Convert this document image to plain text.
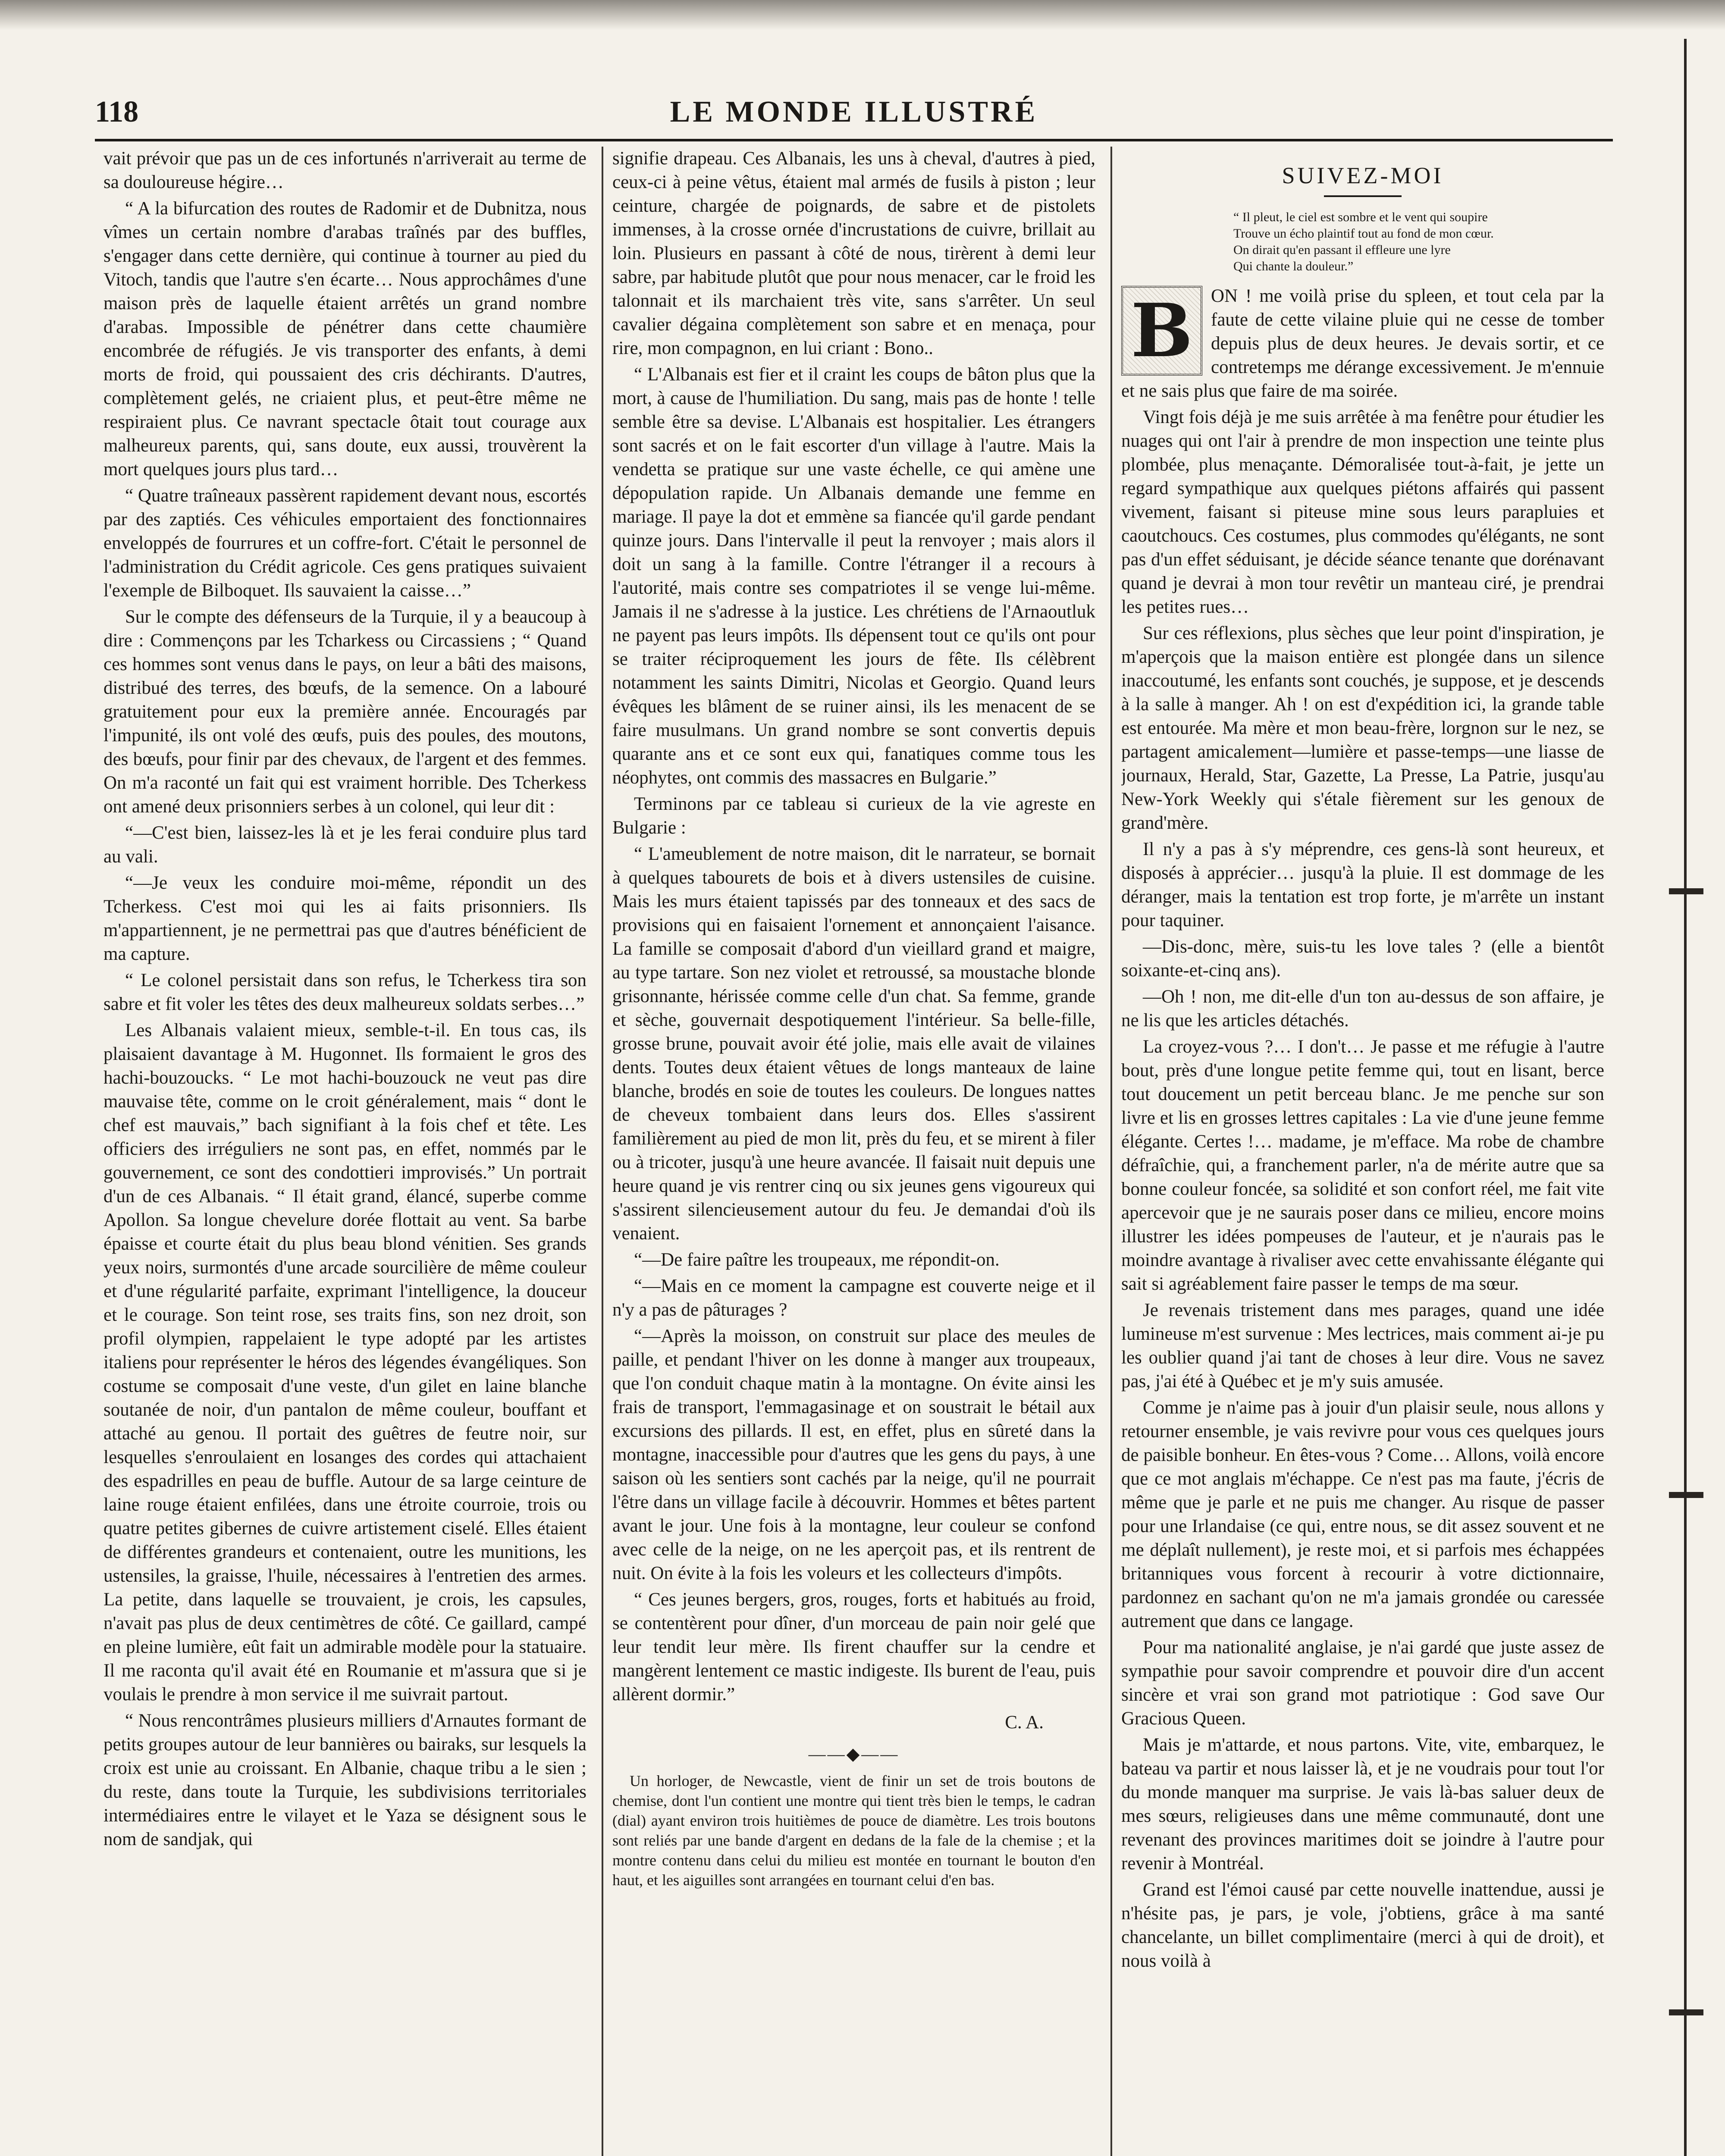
118	LE MONDE ILLUSTRÉ

vait prévoir que pas un de ces infortunés n'arriverait au terme de sa douloureuse hégire…

“ A la bifurcation des routes de Radomir et de Dubnitza, nous vîmes un certain nombre d'arabas traînés par des buffles, s'engager dans cette dernière, qui continue à tourner au pied du Vitoch, tandis que l'autre s'en écarte… Nous approchâmes d'une maison près de laquelle étaient arrêtés un grand nombre d'arabas. Impossible de pénétrer dans cette chaumière encombrée de réfugiés. Je vis transporter des enfants, à demi morts de froid, qui poussaient des cris déchirants. D'autres, complètement gelés, ne criaient plus, et peut-être même ne respiraient plus. Ce navrant spectacle ôtait tout courage aux malheureux parents, qui, sans doute, eux aussi, trouvèrent la mort quelques jours plus tard…

“ Quatre traîneaux passèrent rapidement devant nous, escortés par des zaptiés. Ces véhicules emportaient des fonctionnaires enveloppés de fourrures et un coffre-fort. C'était le personnel de l'administration du Crédit agricole. Ces gens pratiques suivaient l'exemple de Bilboquet. Ils sauvaient la caisse…”

Sur le compte des défenseurs de la Turquie, il y a beaucoup à dire : Commençons par les Tcharkess ou Circassiens ; “ Quand ces hommes sont venus dans le pays, on leur a bâti des maisons, distribué des terres, des bœufs, de la semence. On a labouré gratuitement pour eux la première année. Encouragés par l'impunité, ils ont volé des œufs, puis des poules, des moutons, des bœufs, pour finir par des chevaux, de l'argent et des femmes. On m'a raconté un fait qui est vraiment horrible. Des Tcherkess ont amené deux prisonniers serbes à un colonel, qui leur dit :

“—C'est bien, laissez-les là et je les ferai conduire plus tard au vali.

“—Je veux les conduire moi-même, répondit un des Tcherkess. C'est moi qui les ai faits prisonniers. Ils m'appartiennent, je ne permettrai pas que d'autres bénéficient de ma capture.

“ Le colonel persistait dans son refus, le Tcherkess tira son sabre et fit voler les têtes des deux malheureux soldats serbes…”

Les Albanais valaient mieux, semble-t-il. En tous cas, ils plaisaient davantage à M. Hugonnet. Ils formaient le gros des hachi-bouzoucks. “ Le mot hachi-bouzouck ne veut pas dire mauvaise tête, comme on le croit généralement, mais “ dont le chef est mauvais,” bach signifiant à la fois chef et tête. Les officiers des irréguliers ne sont pas, en effet, nommés par le gouvernement, ce sont des condottieri improvisés.” Un portrait d'un de ces Albanais. “ Il était grand, élancé, superbe comme Apollon. Sa longue chevelure dorée flottait au vent. Sa barbe épaisse et courte était du plus beau blond vénitien. Ses grands yeux noirs, surmontés d'une arcade sourcilière de même couleur et d'une régularité parfaite, exprimant l'intelligence, la douceur et le courage. Son teint rose, ses traits fins, son nez droit, son profil olympien, rappelaient le type adopté par les artistes italiens pour représenter le héros des légendes évangéliques. Son costume se composait d'une veste, d'un gilet en laine blanche soutanée de noir, d'un pantalon de même couleur, bouffant et attaché au genou. Il portait des guêtres de feutre noir, sur lesquelles s'enroulaient en losanges des cordes qui attachaient des espadrilles en peau de buffle. Autour de sa large ceinture de laine rouge étaient enfilées, dans une étroite courroie, trois ou quatre petites gibernes de cuivre artistement ciselé. Elles étaient de différentes grandeurs et contenaient, outre les munitions, les ustensiles, la graisse, l'huile, nécessaires à l'entretien des armes. La petite, dans laquelle se trouvaient, je crois, les capsules, n'avait pas plus de deux centimètres de côté. Ce gaillard, campé en pleine lumière, eût fait un admirable modèle pour la statuaire. Il me raconta qu'il avait été en Roumanie et m'assura que si je voulais le prendre à mon service il me suivrait partout.

“ Nous rencontrâmes plusieurs milliers d'Arnautes formant de petits groupes autour de leur bannières ou bairaks, sur lesquels la croix est unie au croissant. En Albanie, chaque tribu a le sien ; du reste, dans toute la Turquie, les subdivisions territoriales intermédiaires entre le vilayet et le Yaza se désignent sous le nom de sandjak, qui

signifie drapeau. Ces Albanais, les uns à cheval, d'autres à pied, ceux-ci à peine vêtus, étaient mal armés de fusils à piston ; leur ceinture, chargée de poignards, de sabre et de pistolets immenses, à la crosse ornée d'incrustations de cuivre, brillait au loin. Plusieurs en passant à côté de nous, tirèrent à demi leur sabre, par habitude plutôt que pour nous menacer, car le froid les talonnait et ils marchaient très vite, sans s'arrêter. Un seul cavalier dégaina complètement son sabre et en menaça, pour rire, mon compagnon, en lui criant : Bono..

“ L'Albanais est fier et il craint les coups de bâton plus que la mort, à cause de l'humiliation. Du sang, mais pas de honte ! telle semble être sa devise. L'Albanais est hospitalier. Les étrangers sont sacrés et on le fait escorter d'un village à l'autre. Mais la vendetta se pratique sur une vaste échelle, ce qui amène une dépopulation rapide. Un Albanais demande une femme en mariage. Il paye la dot et emmène sa fiancée qu'il garde pendant quinze jours. Dans l'intervalle il peut la renvoyer ; mais alors il doit un sang à la famille. Contre l'étranger il a recours à l'autorité, mais contre ses compatriotes il se venge lui-même. Jamais il ne s'adresse à la justice. Les chrétiens de l'Arnaoutluk ne payent pas leurs impôts. Ils dépensent tout ce qu'ils ont pour se traiter réciproquement les jours de fête. Ils célèbrent notamment les saints Dimitri, Nicolas et Georgio. Quand leurs évêques les blâment de se ruiner ainsi, ils les menacent de se faire musulmans. Un grand nombre se sont convertis depuis quarante ans et ce sont eux qui, fanatiques comme tous les néophytes, ont commis des massacres en Bulgarie.”

Terminons par ce tableau si curieux de la vie agreste en Bulgarie :

“ L'ameublement de notre maison, dit le narrateur, se bornait à quelques tabourets de bois et à divers ustensiles de cuisine. Mais les murs étaient tapissés par des tonneaux et des sacs de provisions qui en faisaient l'ornement et annonçaient l'aisance. La famille se composait d'abord d'un vieillard grand et maigre, au type tartare. Son nez violet et retroussé, sa moustache blonde grisonnante, hérissée comme celle d'un chat. Sa femme, grande et sèche, gouvernait despotiquement l'intérieur. Sa belle-fille, grosse brune, pouvait avoir été jolie, mais elle avait de vilaines dents. Toutes deux étaient vêtues de longs manteaux de laine blanche, brodés en soie de toutes les couleurs. De longues nattes de cheveux tombaient dans leurs dos. Elles s'assirent familièrement au pied de mon lit, près du feu, et se mirent à filer ou à tricoter, jusqu'à une heure avancée. Il faisait nuit depuis une heure quand je vis rentrer cinq ou six jeunes gens vigoureux qui s'assirent silencieusement autour du feu. Je demandai d'où ils venaient.

“—De faire paître les troupeaux, me répondit-on.

“—Mais en ce moment la campagne est couverte neige et il n'y a pas de pâturages ?

“—Après la moisson, on construit sur place des meules de paille, et pendant l'hiver on les donne à manger aux troupeaux, que l'on conduit chaque matin à la montagne. On évite ainsi les frais de transport, l'emmagasinage et on soustrait le bétail aux excursions des pillards. Il est, en effet, plus en sûreté dans la montagne, inaccessible pour d'autres que les gens du pays, à une saison où les sentiers sont cachés par la neige, qu'il ne pourrait l'être dans un village facile à découvrir. Hommes et bêtes partent avant le jour. Une fois à la montagne, leur couleur se confond avec celle de la neige, on ne les aperçoit pas, et ils rentrent de nuit. On évite à la fois les voleurs et les collecteurs d'impôts.

“ Ces jeunes bergers, gros, rouges, forts et habitués au froid, se contentèrent pour dîner, d'un morceau de pain noir gelé que leur tendit leur mère. Ils firent chauffer sur la cendre et mangèrent lentement ce mastic indigeste. Ils burent de l'eau, puis allèrent dormir.”

C. A.
——◆——

Un horloger, de Newcastle, vient de finir un set de trois boutons de chemise, dont l'un contient une montre qui tient très bien le temps, le cadran (dial) ayant environ trois huitièmes de pouce de diamètre. Les trois boutons sont reliés par une bande d'argent en dedans de la fale de la chemise ; et la montre contenu dans celui du milieu est montée en tournant le bouton d'en haut, et les aiguilles sont arrangées en tournant celui d'en bas.

SUIVEZ-MOI
“ Il pleut, le ciel est sombre et le vent qui soupire
Trouve un écho plaintif tout au fond de mon cœur.
On dirait qu'en passant il effleure une lyre
Qui chante la douleur.”
B ON ! me voilà prise du spleen, et tout cela par la faute de cette vilaine pluie qui ne cesse de tomber depuis plus de deux heures. Je devais sortir, et ce contretemps me dérange excessivement. Je m'ennuie et ne sais plus que faire de ma soirée.

Vingt fois déjà je me suis arrêtée à ma fenêtre pour étudier les nuages qui ont l'air à prendre de mon inspection une teinte plus plombée, plus menaçante. Démoralisée tout-à-fait, je jette un regard sympathique aux quelques piétons affairés qui passent vivement, faisant si piteuse mine sous leurs parapluies et caoutchoucs. Ces costumes, plus commodes qu'élégants, ne sont pas d'un effet séduisant, je décide séance tenante que dorénavant quand je devrai à mon tour revêtir un manteau ciré, je prendrai les petites rues…

Sur ces réflexions, plus sèches que leur point d'inspiration, je m'aperçois que la maison entière est plongée dans un silence inaccoutumé, les enfants sont couchés, je suppose, et je descends à la salle à manger. Ah ! on est d'expédition ici, la grande table est entourée. Ma mère et mon beau-frère, lorgnon sur le nez, se partagent amicalement—lumière et passe-temps—une liasse de journaux, Herald, Star, Gazette, La Presse, La Patrie, jusqu'au New-York Weekly qui s'étale fièrement sur les genoux de grand'mère.

Il n'y a pas à s'y méprendre, ces gens-là sont heureux, et disposés à apprécier… jusqu'à la pluie. Il est dommage de les déranger, mais la tentation est trop forte, je m'arrête un instant pour taquiner.

—Dis-donc, mère, suis-tu les love tales ? (elle a bientôt soixante-et-cinq ans).

—Oh ! non, me dit-elle d'un ton au-dessus de son affaire, je ne lis que les articles détachés.

La croyez-vous ?… I don't… Je passe et me réfugie à l'autre bout, près d'une longue petite femme qui, tout en lisant, berce tout doucement un petit berceau blanc. Je me penche sur son livre et lis en grosses lettres capitales : La vie d'une jeune femme élégante. Certes !… madame, je m'efface. Ma robe de chambre défraîchie, qui, a franchement parler, n'a de mérite autre que sa bonne couleur foncée, sa solidité et son confort réel, me fait vite apercevoir que je ne saurais poser dans ce milieu, encore moins illustrer les idées pompeuses de l'auteur, et je n'aurais pas le moindre avantage à rivaliser avec cette envahissante élégante qui sait si agréablement faire passer le temps de ma sœur.

Je revenais tristement dans mes parages, quand une idée lumineuse m'est survenue : Mes lectrices, mais comment ai-je pu les oublier quand j'ai tant de choses à leur dire. Vous ne savez pas, j'ai été à Québec et je m'y suis amusée.

Comme je n'aime pas à jouir d'un plaisir seule, nous allons y retourner ensemble, je vais revivre pour vous ces quelques jours de paisible bonheur. En êtes-vous ? Come… Allons, voilà encore que ce mot anglais m'échappe. Ce n'est pas ma faute, j'écris de même que je parle et ne puis me changer. Au risque de passer pour une Irlandaise (ce qui, entre nous, se dit assez souvent et ne me déplaît nullement), je reste moi, et si parfois mes échappées britanniques vous forcent à recourir à votre dictionnaire, pardonnez en sachant qu'on ne m'a jamais grondée ou caressée autrement que dans ce langage.

Pour ma nationalité anglaise, je n'ai gardé que juste assez de sympathie pour savoir comprendre et pouvoir dire d'un accent sincère et vrai son grand mot patriotique : God save Our Gracious Queen.

Mais je m'attarde, et nous partons. Vite, vite, embarquez, le bateau va partir et nous laisser là, et je ne voudrais pour tout l'or du monde manquer ma surprise. Je vais là-bas saluer deux de mes sœurs, religieuses dans une même communauté, dont une revenant des provinces maritimes doit se joindre à l'autre pour revenir à Montréal.

Grand est l'émoi causé par cette nouvelle inattendue, aussi je n'hésite pas, je pars, je vole, j'obtiens, grâce à ma santé chancelante, un billet complimentaire (merci à qui de droit), et nous voilà à
